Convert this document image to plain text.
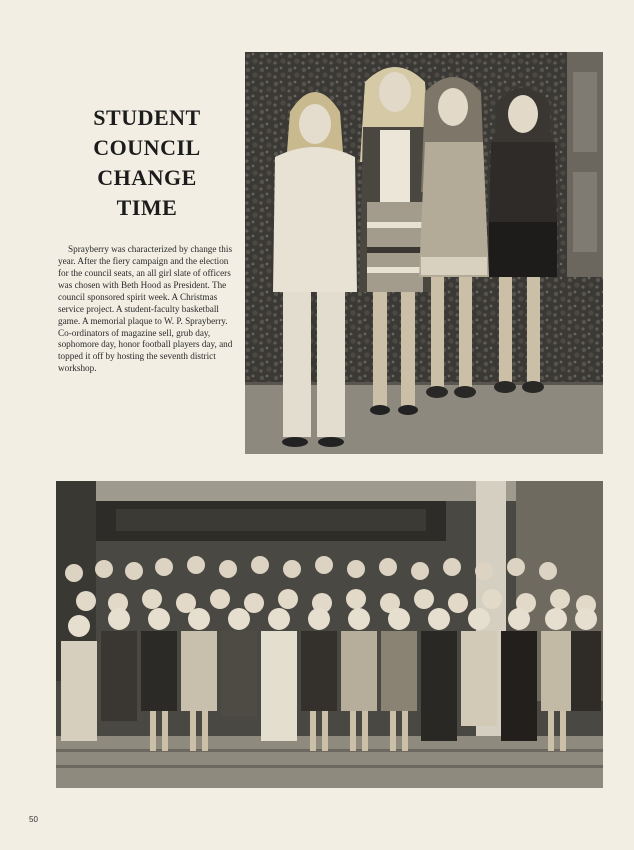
STUDENT
COUNCIL
CHANGE
TIME

Sprayberry was characterized by change this year. After the fiery campaign and the election for the council seats, an all girl slate of officers was chosen with Beth Hood as President. The council sponsored spirit week. A Christmas service project. A student-faculty basketball game. A memorial plaque to W. P. Sprayberry. Co-ordinators of magazine sell, grub day, sophomore day, honor football players day, and topped it off by hosting the seventh district workshop.

50
